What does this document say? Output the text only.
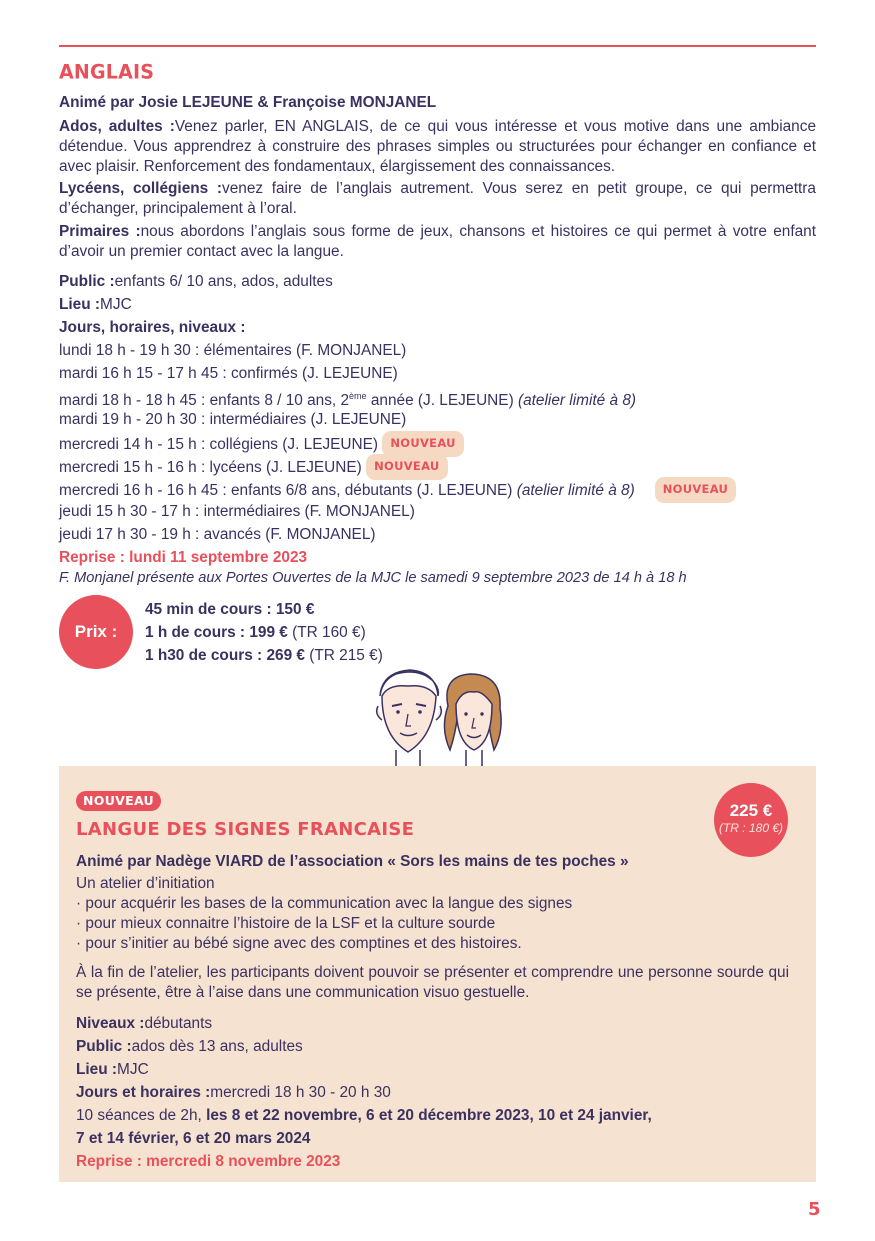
ANGLAIS
Animé par Josie LEJEUNE & Françoise MONJANEL
Ados, adultes :Venez parler, EN ANGLAIS, de ce qui vous intéresse et vous motive dans une ambiance détendue. Vous apprendrez à construire des phrases simples ou structurées pour échanger en confiance et avec plaisir. Renforcement des fondamentaux, élargissement des connaissances.
Lycéens, collégiens :venez faire de l’anglais autrement. Vous serez en petit groupe, ce qui permettra d’échanger, principalement à l’oral.
Primaires :nous abordons l’anglais sous forme de jeux, chansons et histoires ce qui permet à votre enfant d’avoir un premier contact avec la langue.
Public :enfants 6/ 10 ans, ados, adultes
Lieu :MJC
Jours, horaires, niveaux :
lundi 18 h - 19 h 30 : élémentaires (F. MONJANEL)
mardi 16 h 15 - 17 h 45 : confirmés (J. LEJEUNE)
mardi 18 h - 18 h 45 : enfants 8 / 10 ans, 2ème année (J. LEJEUNE) (atelier limité à 8)
mardi 19 h - 20 h 30 : intermédiaires (J. LEJEUNE)
mercredi 14 h - 15 h : collégiens (J. LEJEUNE) NOUVEAU
mercredi 15 h - 16 h : lycéens (J. LEJEUNE) NOUVEAU
mercredi 16 h - 16 h 45 : enfants 6/8 ans, débutants (J. LEJEUNE) (atelier limité à 8) NOUVEAU
jeudi 15 h 30 - 17 h : intermédiaires (F. MONJANEL)
jeudi 17 h 30 - 19 h : avancés (F. MONJANEL)
Reprise : lundi 11 septembre 2023
F. Monjanel présente aux Portes Ouvertes de la MJC le samedi 9 septembre 2023 de 14 h à 18 h
Prix :
45 min de cours : 150 €
1 h de cours : 199 € (TR 160 €)
1 h30 de cours : 269 € (TR 215 €)
NOUVEAU
LANGUE DES SIGNES FRANCAISE
225 €
(TR : 180 €)
Animé par Nadège VIARD de l’association « Sors les mains de tes poches »
Un atelier d’initiation
· pour acquérir les bases de la communication avec la langue des signes
· pour mieux connaitre l’histoire de la LSF et la culture sourde
· pour s’initier au bébé signe avec des comptines et des histoires.
À la fin de l’atelier, les participants doivent pouvoir se présenter et comprendre une personne sourde qui se présente, être à l’aise dans une communication visuo gestuelle.
Niveaux :débutants
Public :ados dès 13 ans, adultes
Lieu :MJC
Jours et horaires :mercredi 18 h 30 - 20 h 30
10 séances de 2h, les 8 et 22 novembre, 6 et 20 décembre 2023, 10 et 24 janvier,
7 et 14 février, 6 et 20 mars 2024
Reprise : mercredi 8 novembre 2023
5
